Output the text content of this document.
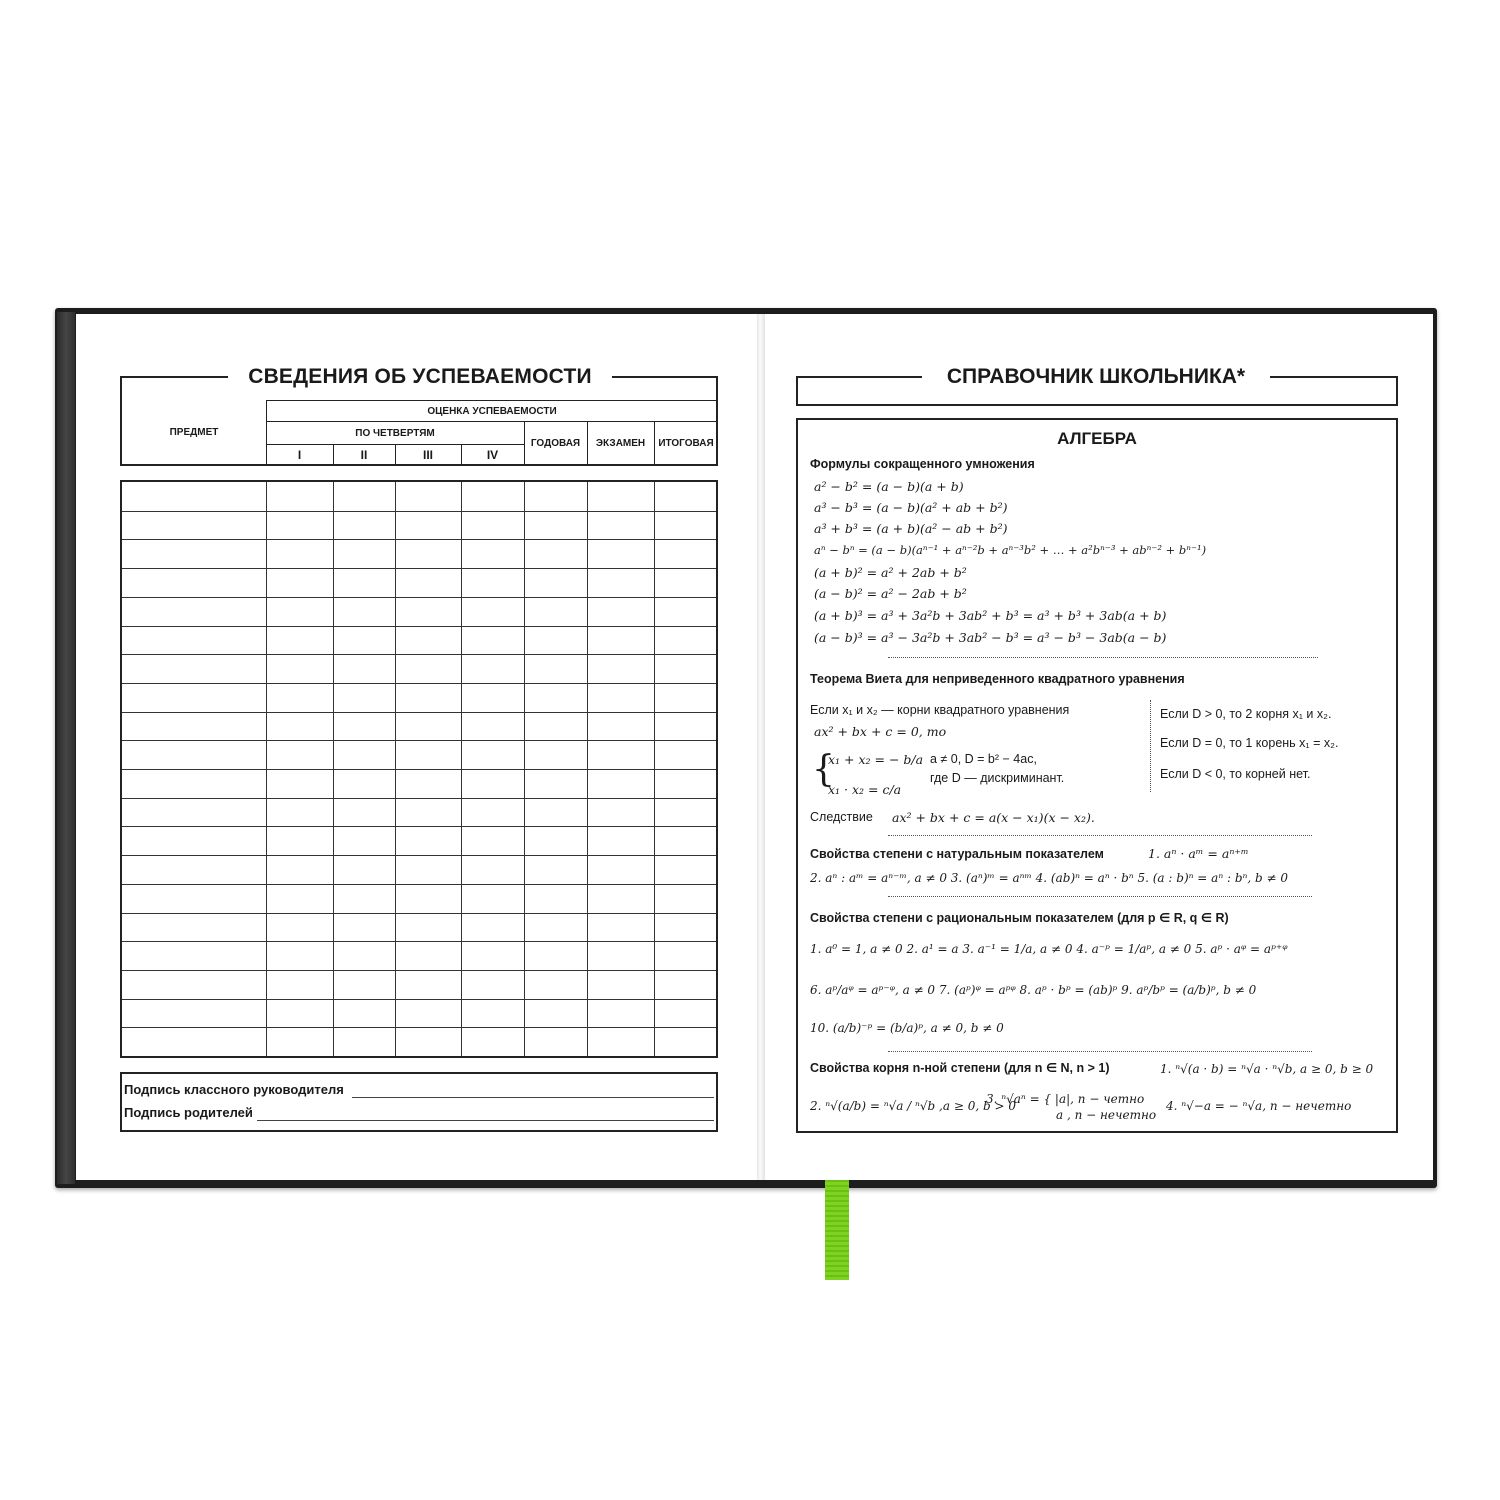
СВЕДЕНИЯ ОБ УСПЕВАЕМОСТИ
ПРЕДМЕТ
ОЦЕНКА УСПЕВАЕМОСТИ
ПО ЧЕТВЕРТЯМ
I	II	III	IV
ГОДОВАЯ	ЭКЗАМЕН	ИТОГОВАЯ
Подпись классного руководителя
Подпись родителей
СПРАВОЧНИК ШКОЛЬНИКА*
АЛГЕБРА
Формулы сокращенного умножения
a² − b² = (a − b)(a + b)
a³ − b³ = (a − b)(a² + ab + b²)
a³ + b³ = (a + b)(a² − ab + b²)
aⁿ − bⁿ = (a − b)(aⁿ⁻¹ + aⁿ⁻²b + aⁿ⁻³b² + … + a²bⁿ⁻³ + abⁿ⁻² + bⁿ⁻¹)
(a + b)² = a² + 2ab + b²
(a − b)² = a² − 2ab + b²
(a + b)³ = a³ + 3a²b + 3ab² + b³ = a³ + b³ + 3ab(a + b)
(a − b)³ = a³ − 3a²b + 3ab² − b³ = a³ − b³ − 3ab(a − b)
Теорема Виета для неприведенного квадратного уравнения
Если x₁ и x₂ — корни квадратного уравнения
ax² + bx + c = 0, то
{
x₁ + x₂ = − b/a
x₁ · x₂ = c/a
a ≠ 0, D = b² − 4ac,
где D — дискриминант.
Следствие ax² + bx + c = a(x − x₁)(x − x₂).
Если D > 0, то 2 корня x₁ и x₂.
Если D = 0, то 1 корень x₁ = x₂.
Если D < 0, то корней нет.
Свойства степени с натуральным показателем	1. aⁿ · aᵐ = aⁿ⁺ᵐ
2. aⁿ : aᵐ = aⁿ⁻ᵐ, a ≠ 0 3. (aⁿ)ᵐ = aⁿᵐ 4. (ab)ⁿ = aⁿ · bⁿ 5. (a : b)ⁿ = aⁿ : bⁿ, b ≠ 0
Свойства степени с рациональным показателем (для p ∈ R, q ∈ R)
1. a⁰ = 1, a ≠ 0 2. a¹ = a 3. a⁻¹ = 1/a, a ≠ 0 4. a⁻ᵖ = 1/aᵖ, a ≠ 0 5. aᵖ · aᵠ = aᵖ⁺ᵠ
6. aᵖ/aᵠ = aᵖ⁻ᵠ, a ≠ 0 7. (aᵖ)ᵠ = aᵖᵠ 8. aᵖ · bᵖ = (ab)ᵖ 9. aᵖ/bᵖ = (a/b)ᵖ, b ≠ 0
10. (a/b)⁻ᵖ = (b/a)ᵖ, a ≠ 0, b ≠ 0
Свойства корня n-ной степени (для n ∈ N, n > 1)	1. ⁿ√(a · b) = ⁿ√a · ⁿ√b, a ≥ 0, b ≥ 0
2. ⁿ√(a/b) = ⁿ√a / ⁿ√b ,a ≥ 0, b > 0
3. ⁿ√aⁿ = { |a|, n − четно
a , n − нечетно
4. ⁿ√−a = − ⁿ√a, n − нечетно
